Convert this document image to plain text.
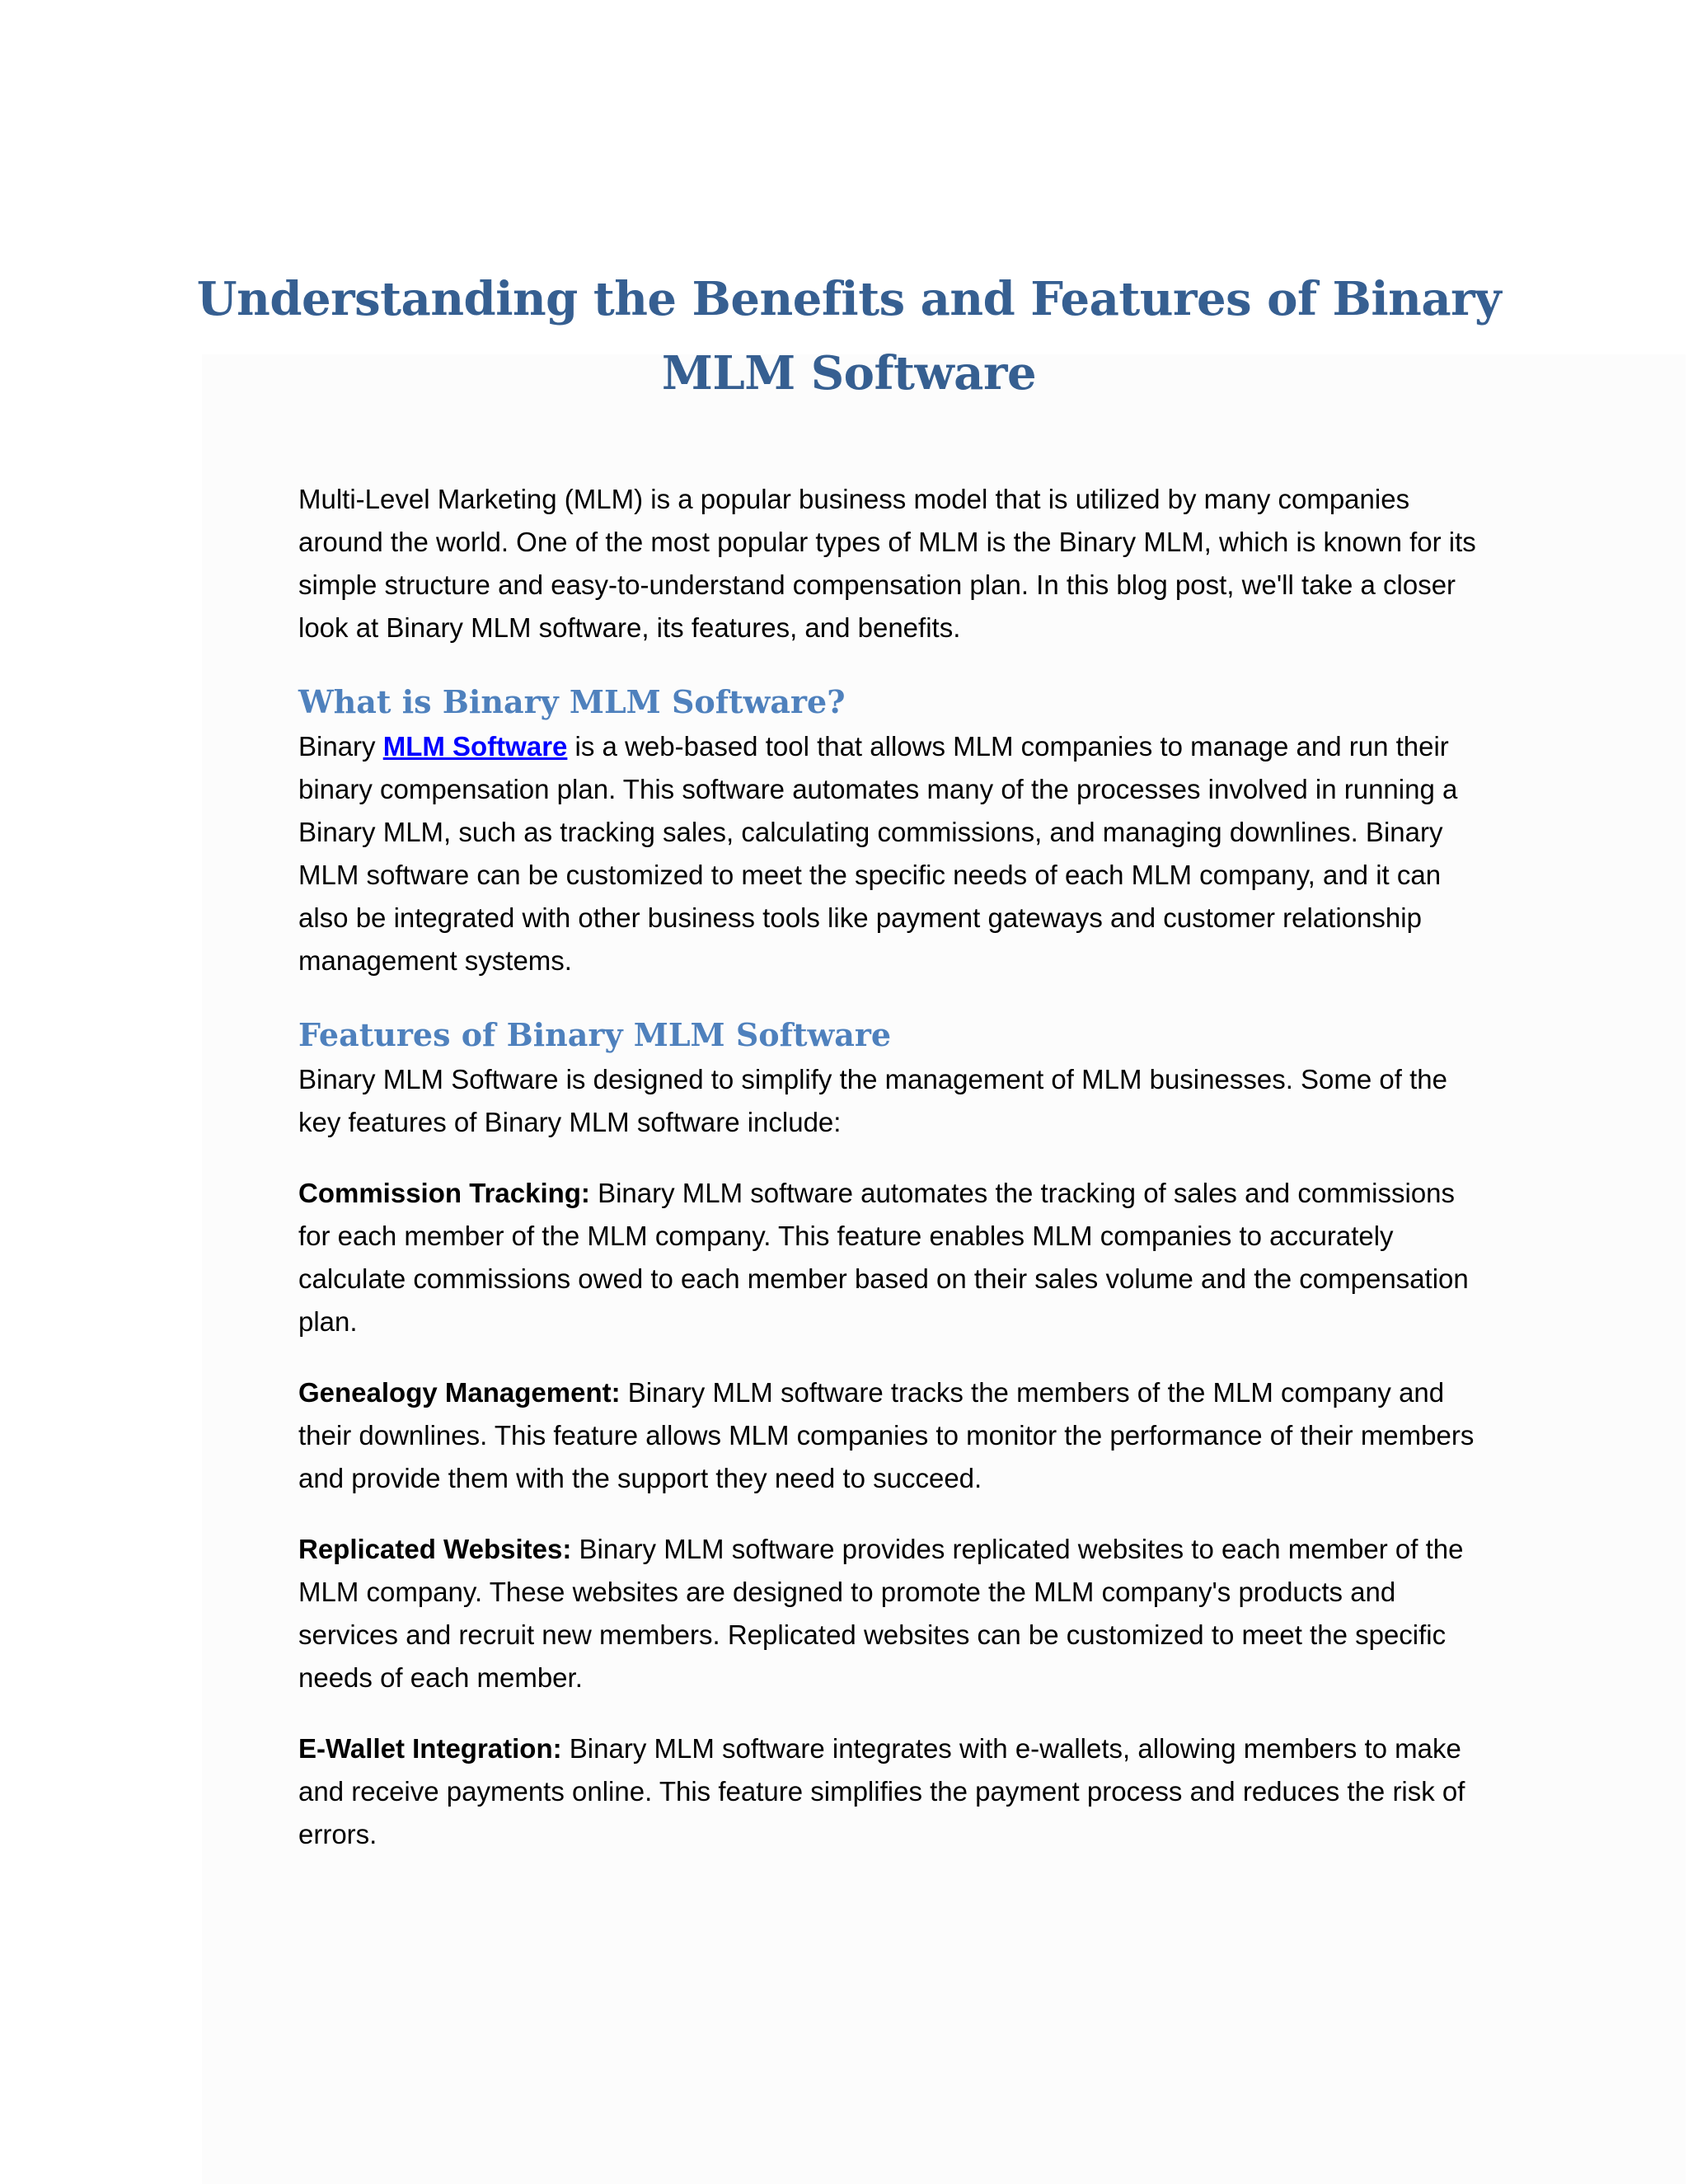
Understanding the Benefits and Features of Binary MLM Software

Multi-Level Marketing (MLM) is a popular business model that is utilized by many companies around the world. One of the most popular types of MLM is the Binary MLM, which is known for its simple structure and easy-to-understand compensation plan. In this blog post, we'll take a closer look at Binary MLM software, its features, and benefits.

What is Binary MLM Software?

Binary MLM Software is a web-based tool that allows MLM companies to manage and run their binary compensation plan. This software automates many of the processes involved in running a Binary MLM, such as tracking sales, calculating commissions, and managing downlines. Binary MLM software can be customized to meet the specific needs of each MLM company, and it can also be integrated with other business tools like payment gateways and customer relationship management systems.

Features of Binary MLM Software

Binary MLM Software is designed to simplify the management of MLM businesses. Some of the key features of Binary MLM software include:

Commission Tracking: Binary MLM software automates the tracking of sales and commissions for each member of the MLM company. This feature enables MLM companies to accurately calculate commissions owed to each member based on their sales volume and the compensation plan.

Genealogy Management: Binary MLM software tracks the members of the MLM company and their downlines. This feature allows MLM companies to monitor the performance of their members and provide them with the support they need to succeed.

Replicated Websites: Binary MLM software provides replicated websites to each member of the MLM company. These websites are designed to promote the MLM company's products and services and recruit new members. Replicated websites can be customized to meet the specific needs of each member.

E-Wallet Integration: Binary MLM software integrates with e-wallets, allowing members to make and receive payments online. This feature simplifies the payment process and reduces the risk of errors.
